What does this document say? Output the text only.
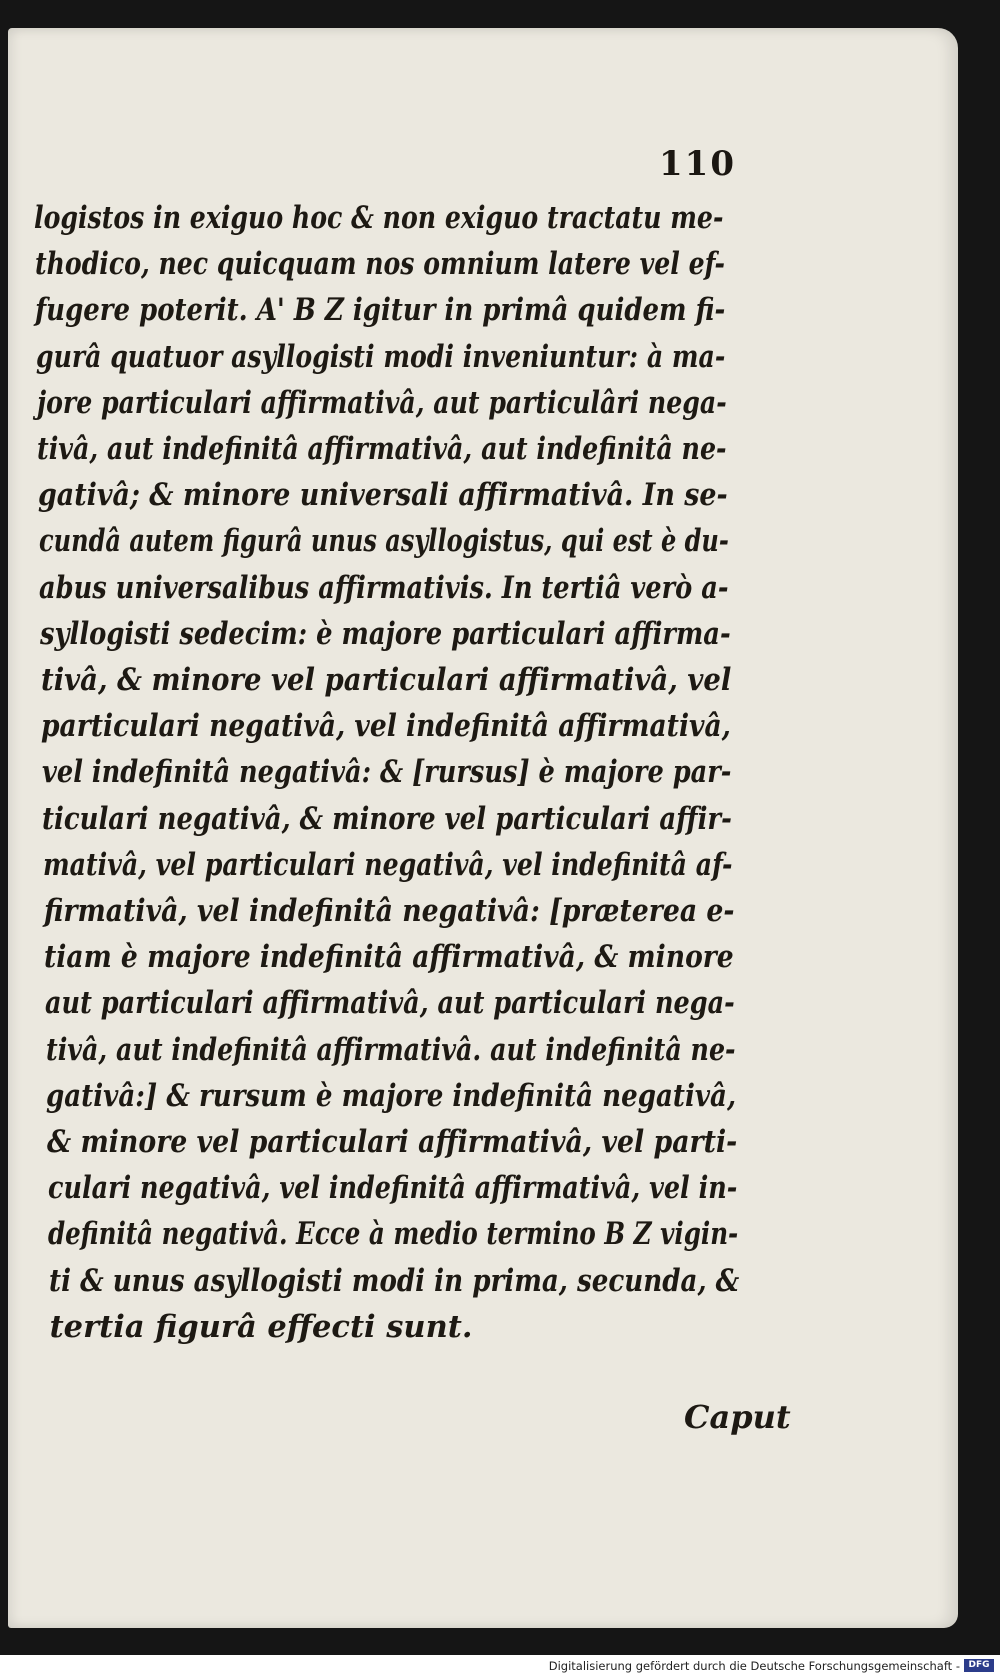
110

logistos in exiguo hoc & non exiguo tractatu me-
thodico, nec quicquam nos omnium latere vel ef-
fugere poterit. A' B Z igitur in primâ quidem fi-
gurâ quatuor asyllogisti modi inveniuntur: à ma-
jore particulari affirmativâ, aut particulâri nega-
tivâ, aut indefinitâ affirmativâ, aut indefinitâ ne-
gativâ; & minore universali affirmativâ. In se-
cundâ autem figurâ unus asyllogistus, qui est è du-
abus universalibus affirmativis. In tertiâ verò a-
syllogisti sedecim: è majore particulari affirma-
tivâ, & minore vel particulari affirmativâ, vel
particulari negativâ, vel indefinitâ affirmativâ,
vel indefinitâ negativâ: & [rursus] è majore par-
ticulari negativâ, & minore vel particulari affir-
mativâ, vel particulari negativâ, vel indefinitâ af-
firmativâ, vel indefinitâ negativâ: [præterea e-
tiam è majore indefinitâ affirmativâ, & minore
aut particulari affirmativâ, aut particulari nega-
tivâ, aut indefinitâ affirmativâ. aut indefinitâ ne-
gativâ:] & rursum è majore indefinitâ negativâ,
& minore vel particulari affirmativâ, vel parti-
culari negativâ, vel indefinitâ affirmativâ, vel in-
definitâ negativâ. Ecce à medio termino B Z vigin-
ti & unus asyllogisti modi in prima, secunda, &
tertia figurâ effecti sunt.

Caput

Digitalisierung gefördert durch die Deutsche Forschungsgemeinschaft - DFG
